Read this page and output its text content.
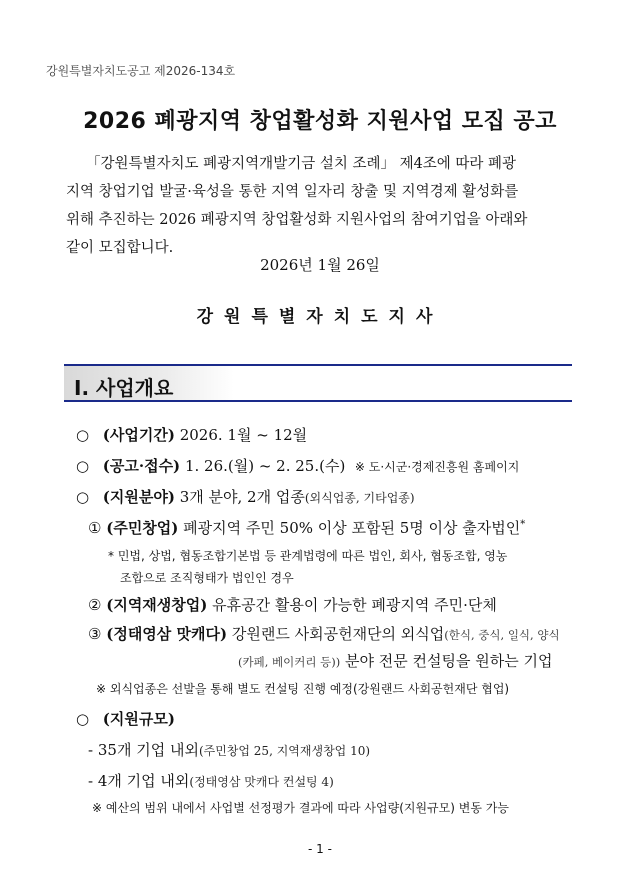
강원특별자치도공고 제2026-134호
2026 폐광지역 창업활성화 지원사업 모집 공고
「강원특별자치도 폐광지역개발기금 설치 조례」 제4조에 따라 폐광
지역 창업기업 발굴·육성을 통한 지역 일자리 창출 및 지역경제 활성화를
위해 추진하는 2026 폐광지역 창업활성화 지원사업의 참여기업을 아래와
같이 모집합니다.
2026년 1월 26일
강원특별자치도지사
Ⅰ. 사업개요
○ (사업기간) 2026. 1월 ~ 12월
○ (공고·접수) 1. 26.(월) ~ 2. 25.(수) ※ 도·시군·경제진흥원 홈페이지
○ (지원분야) 3개 분야, 2개 업종(외식업종, 기타업종)
① (주민창업) 폐광지역 주민 50% 이상 포함된 5명 이상 출자법인*
* 민법, 상법, 협동조합기본법 등 관계법령에 따른 법인, 회사, 협동조합, 영농
조합으로 조직형태가 법인인 경우
② (지역재생창업) 유휴공간 활용이 가능한 폐광지역 주민·단체
③ (정태영삼 맛캐다) 강원랜드 사회공헌재단의 외식업(한식, 중식, 일식, 양식
(카페, 베이커리 등)) 분야 전문 컨설팅을 원하는 기업
※ 외식업종은 선발을 통해 별도 컨설팅 진행 예정(강원랜드 사회공헌재단 협업)
○ (지원규모)
- 35개 기업 내외(주민창업 25, 지역재생창업 10)
- 4개 기업 내외(정태영삼 맛캐다 컨설팅 4)
※ 예산의 범위 내에서 사업별 선정평가 결과에 따라 사업량(지원규모) 변동 가능
- 1 -
